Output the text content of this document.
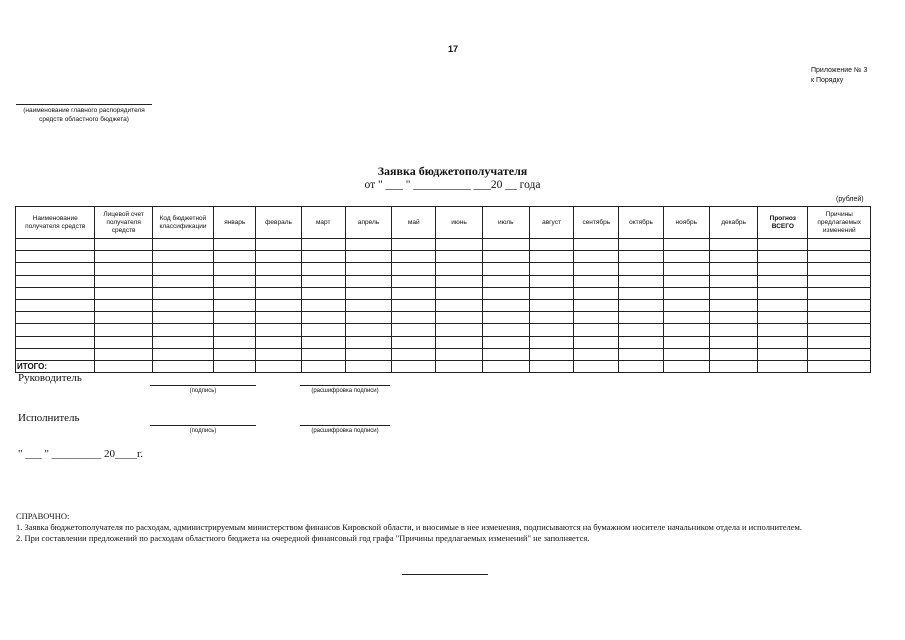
17
Приложение № 3
к Порядку
(наименование главного распорядителя средств областного бюджета)
Заявка бюджетополучателя
от " ___ " __________ ___20 __ года
(рублей)
Наименование получателя средств	Лицевой счет получателя средств	Код бюджетной классификации	январь	февраль	март	апрель	май	июнь	июль	август	сентябрь	октябрь	ноябрь	декабрь	Прогноз ВСЕГО	Причины предлагаемых изменений

ИТОГО:																
Руководитель
(подпись)	(расшифровка подписи)
Исполнитель
(подпись)	(расшифровка подписи)
" ___ " _________ 20____г.
СПРАВОЧНО:
1. Заявка бюджетополучателя по расходам, администрируемым министерством финансов Кировской области, и вносимые в нее изменения, подписываются на бумажном носителе начальником отдела и исполнителем.
2. При составлении предложений по расходам областного бюджета на очередной финансовый год графа "Причины предлагаемых изменений" не заполняется.
